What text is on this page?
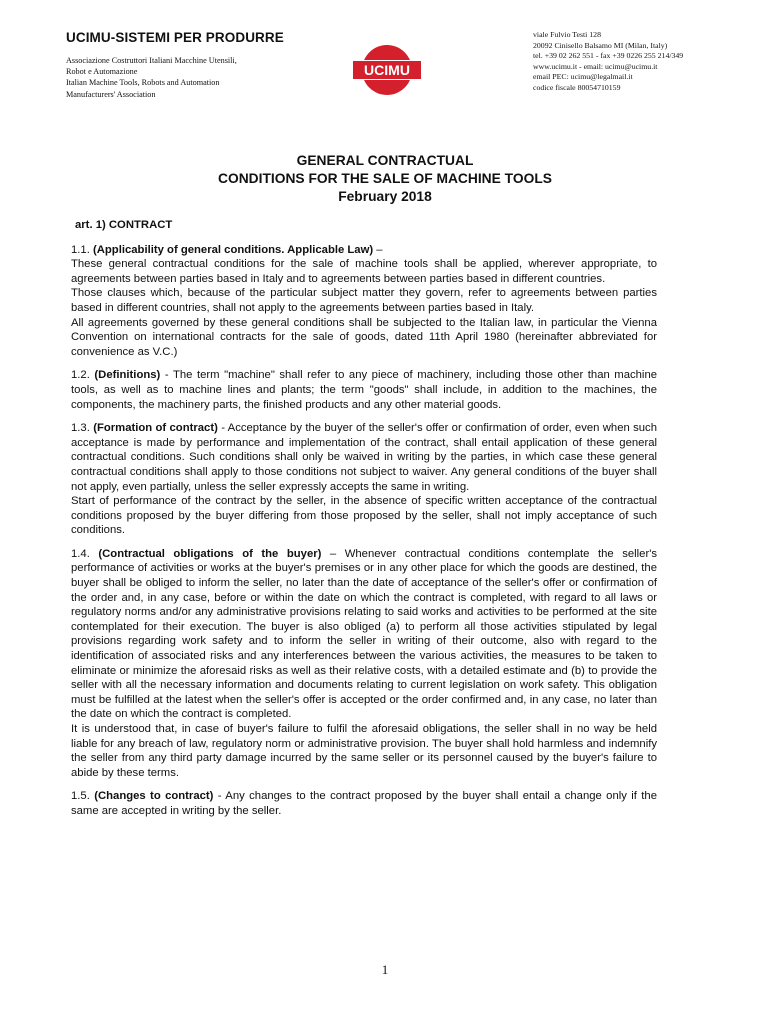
UCIMU-SISTEMI PER PRODURRE
Associazione Costruttori Italiani Macchine Utensili,
Robot e Automazione
Italian Machine Tools, Robots and Automation
Manufacturers' Association
UCIMU
viale Fulvio Testi 128
20092 Cinisello Balsamo MI (Milan, Italy)
tel. +39 02 262 551 - fax +39 0226 255 214/349
www.ucimu.it - email: ucimu@ucimu.it
email PEC: ucimu@legalmail.it
codice fiscale 80054710159
GENERAL CONTRACTUAL
CONDITIONS FOR THE SALE OF MACHINE TOOLS
February 2018
art. 1) CONTRACT
1.1. (Applicability of general conditions. Applicable Law) –

These general contractual conditions for the sale of machine tools shall be applied, wherever appropriate, to agreements between parties based in Italy and to agreements between parties based in different countries.

Those clauses which, because of the particular subject matter they govern, refer to agreements between parties based in different countries, shall not apply to the agreements between parties based in Italy.

All agreements governed by these general conditions shall be subjected to the Italian law, in particular the Vienna Convention on international contracts for the sale of goods, dated 11th April 1980 (hereinafter abbreviated for convenience as V.C.)

1.2. (Definitions) - The term "machine" shall refer to any piece of machinery, including those other than machine tools, as well as to machine lines and plants; the term "goods" shall include, in addition to the machines, the components, the machinery parts, the finished products and any other material goods.

1.3. (Formation of contract) - Acceptance by the buyer of the seller's offer or confirmation of order, even when such acceptance is made by performance and implementation of the contract, shall entail application of these general contractual conditions. Such conditions shall only be waived in writing by the parties, in which case these general contractual conditions shall apply to those conditions not subject to waiver. Any general conditions of the buyer shall not apply, even partially, unless the seller expressly accepts the same in writing.

Start of performance of the contract by the seller, in the absence of specific written acceptance of the contractual conditions proposed by the buyer differing from those proposed by the seller, shall not imply acceptance of such conditions.

1.4. (Contractual obligations of the buyer) – Whenever contractual conditions contemplate the seller's performance of activities or works at the buyer's premises or in any other place for which the goods are destined, the buyer shall be obliged to inform the seller, no later than the date of acceptance of the seller's offer or confirmation of the order and, in any case, before or within the date on which the contract is completed, with regard to all laws or regulatory norms and/or any administrative provisions relating to said works and activities to be performed at the site contemplated for their execution. The buyer is also obliged (a) to perform all those activities stipulated by legal provisions regarding work safety and to inform the seller in writing of their outcome, also with regard to the identification of associated risks and any interferences between the various activities, the measures to be taken to eliminate or minimize the aforesaid risks as well as their relative costs, with a detailed estimate and (b) to provide the seller with all the necessary information and documents relating to current legislation on work safety. This obligation must be fulfilled at the latest when the seller's offer is accepted or the order confirmed and, in any case, no later than the date on which the contract is completed.

It is understood that, in case of buyer's failure to fulfil the aforesaid obligations, the seller shall in no way be held liable for any breach of law, regulatory norm or administrative provision. The buyer shall hold harmless and indemnify the seller from any third party damage incurred by the same seller or its personnel caused by the buyer's failure to abide by these terms.

1.5. (Changes to contract) - Any changes to the contract proposed by the buyer shall entail a change only if the same are accepted in writing by the seller.

1
